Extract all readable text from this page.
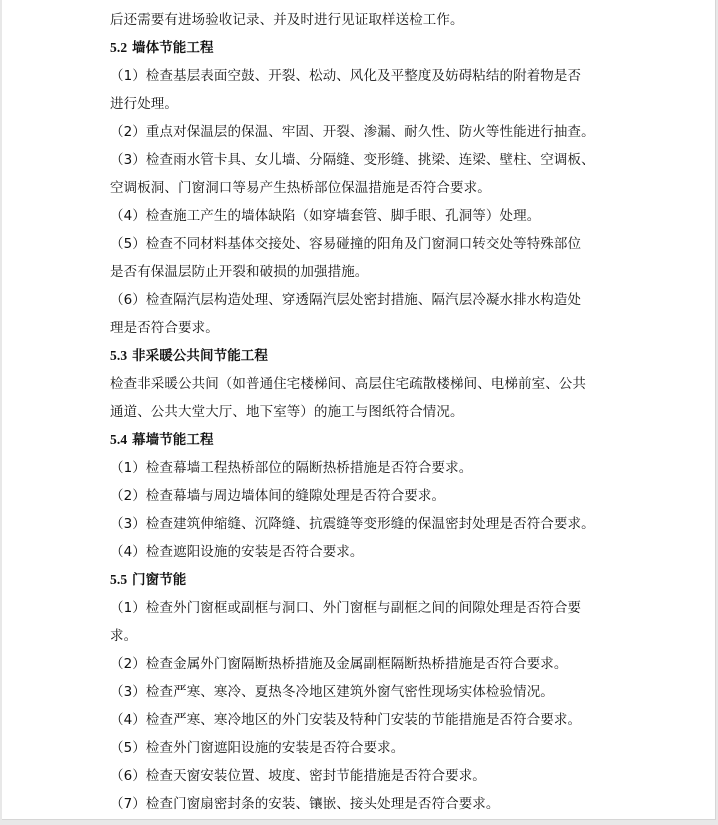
后还需要有进场验收记录、并及时进行见证取样送检工作。
5.2 墙体节能工程
（1）检查基层表面空鼓、开裂、松动、风化及平整度及妨碍粘结的附着物是否
进行处理。
（2）重点对保温层的保温、牢固、开裂、渗漏、耐久性、防火等性能进行抽查。
（3）检查雨水管卡具、女儿墙、分隔缝、变形缝、挑梁、连梁、壁柱、空调板、
空调板洞、门窗洞口等易产生热桥部位保温措施是否符合要求。
（4）检查施工产生的墙体缺陷（如穿墙套管、脚手眼、孔洞等）处理。
（5）检查不同材料基体交接处、容易碰撞的阳角及门窗洞口转交处等特殊部位
是否有保温层防止开裂和破损的加强措施。
（6）检查隔汽层构造处理、穿透隔汽层处密封措施、隔汽层冷凝水排水构造处
理是否符合要求。
5.3 非采暖公共间节能工程
检查非采暖公共间（如普通住宅楼梯间、高层住宅疏散楼梯间、电梯前室、公共
通道、公共大堂大厅、地下室等）的施工与图纸符合情况。
5.4 幕墙节能工程
（1）检查幕墙工程热桥部位的隔断热桥措施是否符合要求。
（2）检查幕墙与周边墙体间的缝隙处理是否符合要求。
（3）检查建筑伸缩缝、沉降缝、抗震缝等变形缝的保温密封处理是否符合要求。
（4）检查遮阳设施的安装是否符合要求。
5.5 门窗节能
（1）检查外门窗框或副框与洞口、外门窗框与副框之间的间隙处理是否符合要
求。
（2）检查金属外门窗隔断热桥措施及金属副框隔断热桥措施是否符合要求。
（3）检查严寒、寒冷、夏热冬冷地区建筑外窗气密性现场实体检验情况。
（4）检查严寒、寒冷地区的外门安装及特种门安装的节能措施是否符合要求。
（5）检查外门窗遮阳设施的安装是否符合要求。
（6）检查天窗安装位置、坡度、密封节能措施是否符合要求。
（7）检查门窗扇密封条的安装、镶嵌、接头处理是否符合要求。
